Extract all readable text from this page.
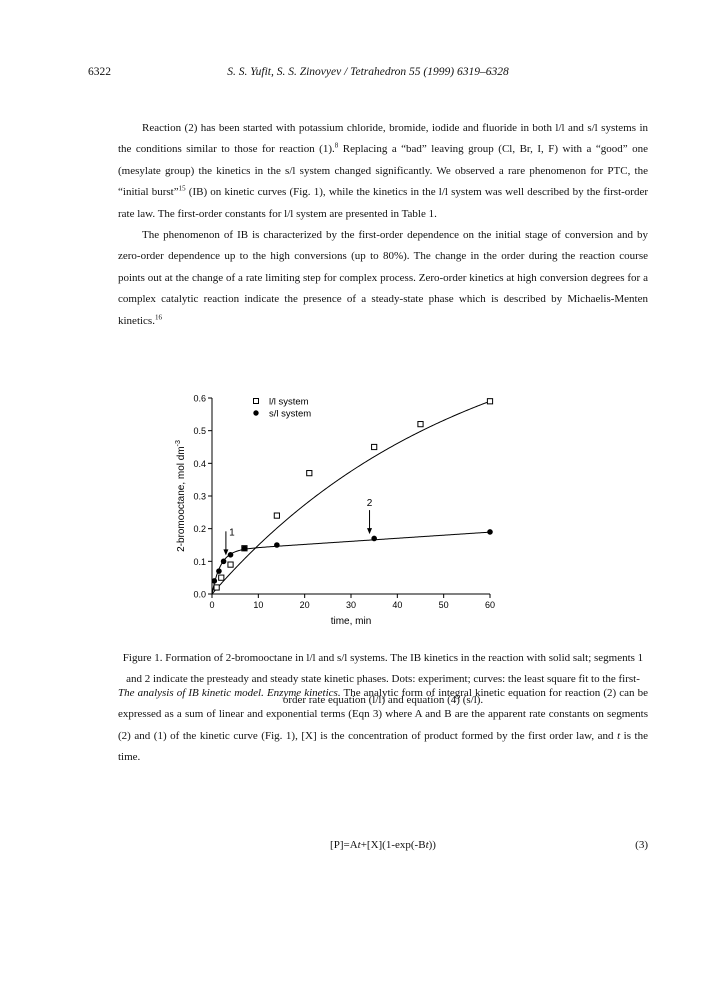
6322	S. S. Yufit, S. S. Zinovyev / Tetrahedron 55 (1999) 6319–6328

Reaction (2) has been started with potassium chloride, bromide, iodide and fluoride in both l/l and s/l systems in the conditions similar to those for reaction (1).$^8$ Replacing a “bad” leaving group (Cl, Br, I, F) with a “good” one (mesylate group) the kinetics in the s/l system changed significantly. We observed a rare phenomenon for PTC, the “initial burst”$^{15}$ (IB) on kinetic curves (Fig. 1), while the kinetics in the l/l system was well described by the first-order rate law. The first-order constants for l/l system are presented in Table 1.

The phenomenon of IB is characterized by the first-order dependence on the initial stage of conversion and by zero-order dependence up to the high conversions (up to 80%). The change in the order during the reaction course points out at the change of a rate limiting step for complex process. Zero-order kinetics at high conversion degrees for a complex catalytic reaction indicate the presence of a steady-state phase which is described by Michaelis-Menten kinetics.$^{16}$

0.0
0.1
0.2
0.3
0.4
0.5
0.6
0	10	20	30	40	50	60
1
2
l/l system
s/l system
time, min
2-bromooctane, mol $dm^{-3}$
Figure 1. Formation of 2-bromooctane in l/l and s/l systems. The IB kinetics in the reaction with solid salt; segments 1 and 2 indicate the presteady and steady state kinetic phases. Dots: experiment; curves: the least square fit to the first-order rate equation (l/l) and equation (4) (s/l).

The analysis of IB kinetic model. Enzyme kinetics. The analytic form of integral kinetic equation for reaction (2) can be expressed as a sum of linear and exponential terms (Eqn 3) where A and B are the apparent rate constants on segments (2) and (1) of the kinetic curve (Fig. 1), [X] is the concentration of product formed by the first order law, and t is the time.

[P]=At+[X](1-exp(-Bt))	(3)
